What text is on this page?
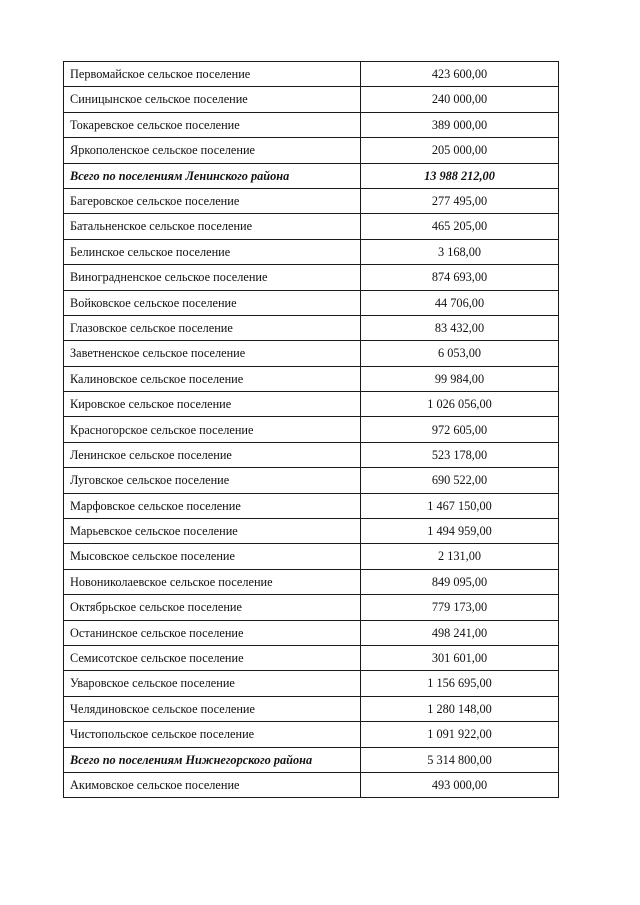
Первомайское сельское поселение	423 600,00
Синицынское сельское поселение	240 000,00
Токаревское сельское поселение	389 000,00
Яркополенское сельское поселение	205 000,00
Всего по поселениям Ленинского района	13 988 212,00
Багеровское сельское поселение	277 495,00
Батальненское сельское поселение	465 205,00
Белинское сельское поселение	3 168,00
Виноградненское сельское поселение	874 693,00
Войковское сельское поселение	44 706,00
Глазовское сельское поселение	83 432,00
Заветненское сельское поселение	6 053,00
Калиновское сельское поселение	99 984,00
Кировское сельское поселение	1 026 056,00
Красногорское сельское поселение	972 605,00
Ленинское сельское поселение	523 178,00
Луговское сельское поселение	690 522,00
Марфовское сельское поселение	1 467 150,00
Марьевское сельское поселение	1 494 959,00
Мысовское сельское поселение	2 131,00
Новониколаевское сельское поселение	849 095,00
Октябрьское сельское поселение	779 173,00
Останинское сельское поселение	498 241,00
Семисотское сельское поселение	301 601,00
Уваровское сельское поселение	1 156 695,00
Челядиновское сельское поселение	1 280 148,00
Чистопольское сельское поселение	1 091 922,00
Всего по поселениям Нижнегорского района	5 314 800,00
Акимовское сельское поселение	493 000,00
